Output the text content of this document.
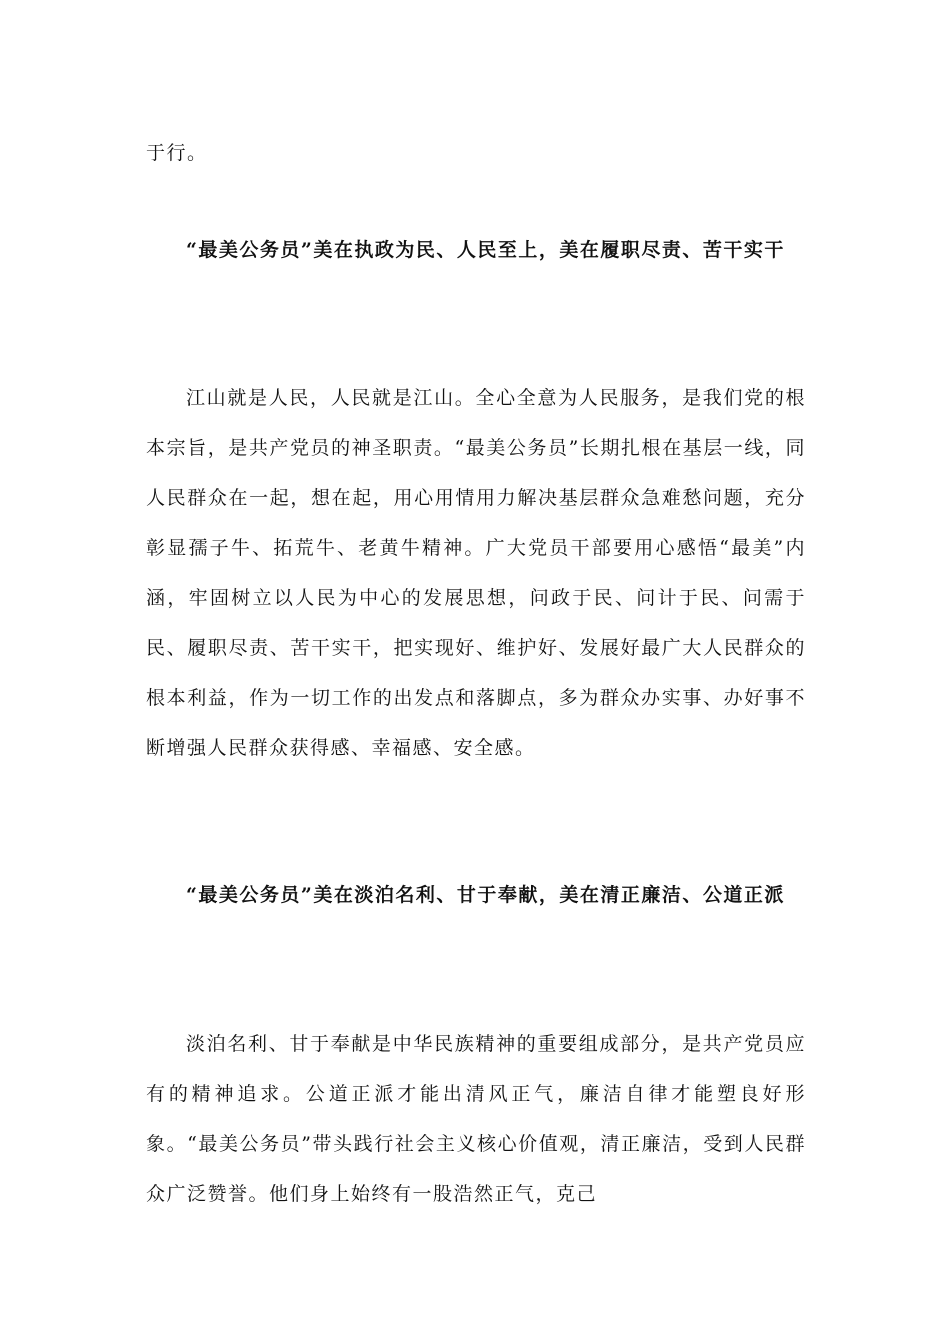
于行。

“最美公务员”美在执政为民、人民至上，美在履职尽责、苦干实干

江山就是人民，人民就是江山。全心全意为人民服务，是我们党的根本宗旨，是共产党员的神圣职责。“最美公务员”长期扎根在基层一线，同人民群众在一起，想在起，用心用情用力解决基层群众急难愁问题，充分彰显孺子牛、拓荒牛、老黄牛精神。广大党员干部要用心感悟“最美”内涵，牢固树立以人民为中心的发展思想，问政于民、问计于民、问需于民、履职尽责、苦干实干，把实现好、维护好、发展好最广大人民群众的根本利益，作为一切工作的出发点和落脚点，多为群众办实事、办好事不断增强人民群众获得感、幸福感、安全感。

“最美公务员”美在淡泊名利、甘于奉献，美在清正廉洁、公道正派

淡泊名利、甘于奉献是中华民族精神的重要组成部分，是共产党员应有的精神追求。公道正派才能出清风正气，廉洁自律才能塑良好形象。“最美公务员”带头践行社会主义核心价值观，清正廉洁，受到人民群众广泛赞誉。他们身上始终有一股浩然正气，克己
